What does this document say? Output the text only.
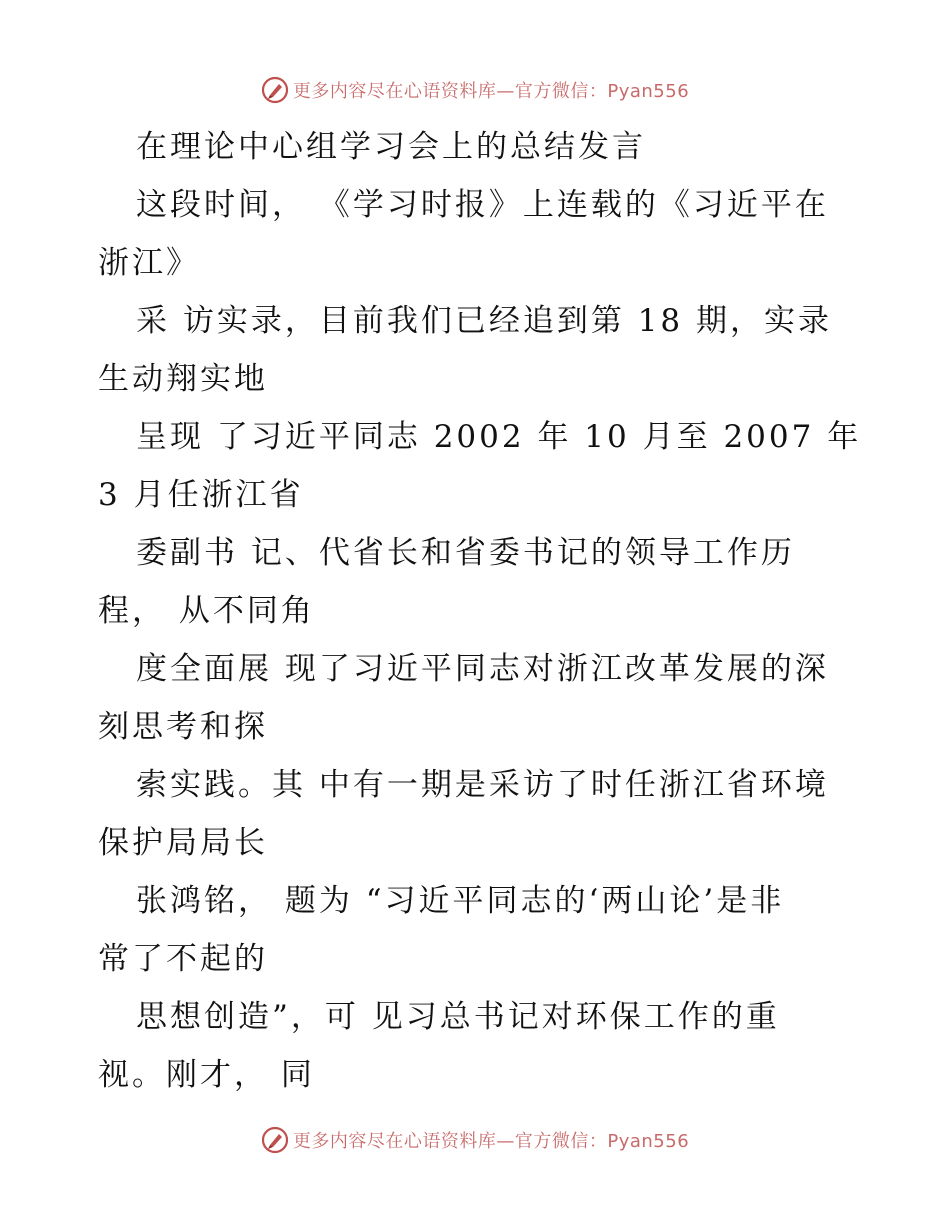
更多内容尽在心语资料库—官方微信：Pyan556
在理论中心组学习会上的总结发言
这段时间， 《学习时报》上连载的《习近平在
浙江》
采 访实录，目前我们已经追到第 18 期，实录
生动翔实地
呈现 了习近平同志 2002 年 10 月至 2007 年
3 月任浙江省
委副书 记、代省长和省委书记的领导工作历
程， 从不同角
度全面展 现了习近平同志对浙江改革发展的深
刻思考和探
索实践。其 中有一期是采访了时任浙江省环境
保护局局长
张鸿铭， 题为 “习近平同志的‘两山论’是非
常了不起的
思想创造”，可 见习总书记对环保工作的重
视。刚才， 同
更多内容尽在心语资料库—官方微信：Pyan556
